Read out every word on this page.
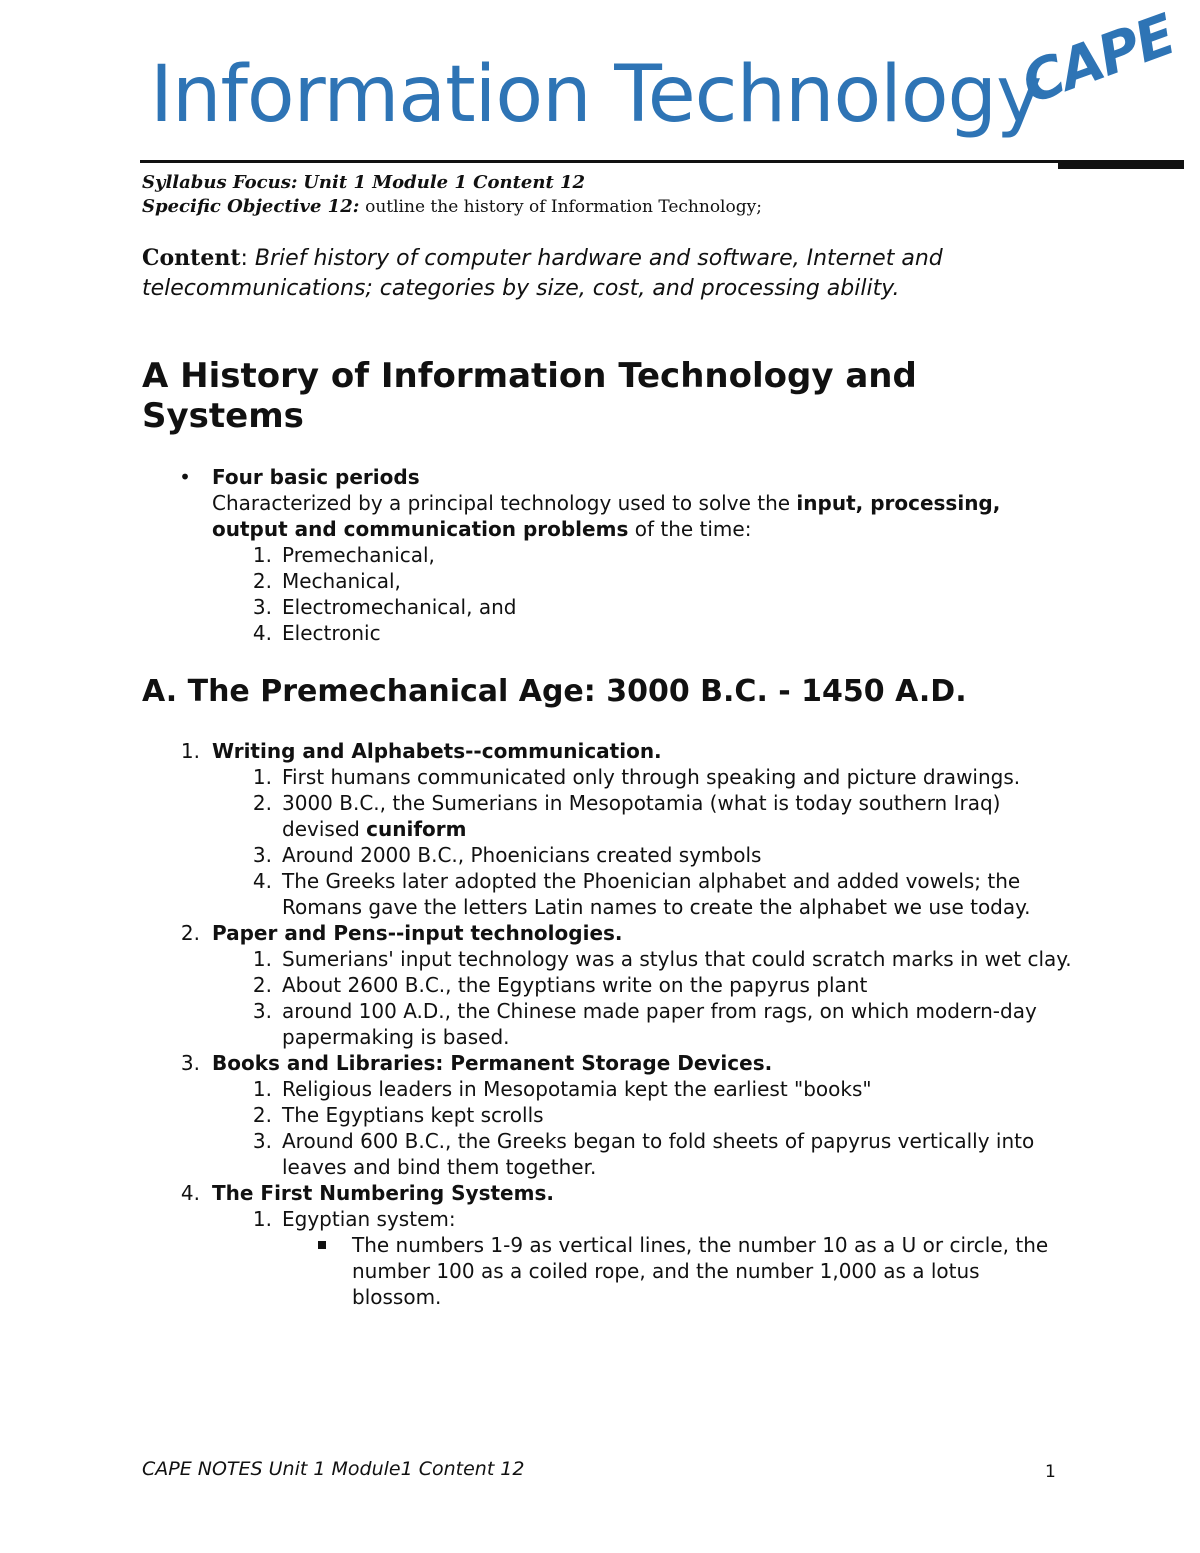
Information Technology
CAPE
Syllabus Focus: Unit 1 Module 1 Content 12
Specific Objective 12: outline the history of Information Technology;
Content: Brief history of computer hardware and software, Internet and telecommunications; categories by size, cost, and processing ability.
A History of Information Technology and Systems
•	Four basic periods
Characterized by a principal technology used to solve the input, processing, output and communication problems of the time:
1. Premechanical,
2. Mechanical,
3. Electromechanical, and
4. Electronic
A. The Premechanical Age: 3000 B.C. - 1450 A.D.
1. Writing and Alphabets--communication.
1. First humans communicated only through speaking and picture drawings.
2. 3000 B.C., the Sumerians in Mesopotamia (what is today southern Iraq) devised cuniform
3. Around 2000 B.C., Phoenicians created symbols
4. The Greeks later adopted the Phoenician alphabet and added vowels; the Romans gave the letters Latin names to create the alphabet we use today.
2. Paper and Pens--input technologies.
1. Sumerians' input technology was a stylus that could scratch marks in wet clay.
2. About 2600 B.C., the Egyptians write on the papyrus plant
3. around 100 A.D., the Chinese made paper from rags, on which modern-day papermaking is based.
3. Books and Libraries: Permanent Storage Devices.
1. Religious leaders in Mesopotamia kept the earliest "books"
2. The Egyptians kept scrolls
3. Around 600 B.C., the Greeks began to fold sheets of papyrus vertically into leaves and bind them together.
4. The First Numbering Systems.
1. Egyptian system:
The numbers 1-9 as vertical lines, the number 10 as a U or circle, the number 100 as a coiled rope, and the number 1,000 as a lotus blossom.
CAPE NOTES Unit 1 Module1 Content 12	1
